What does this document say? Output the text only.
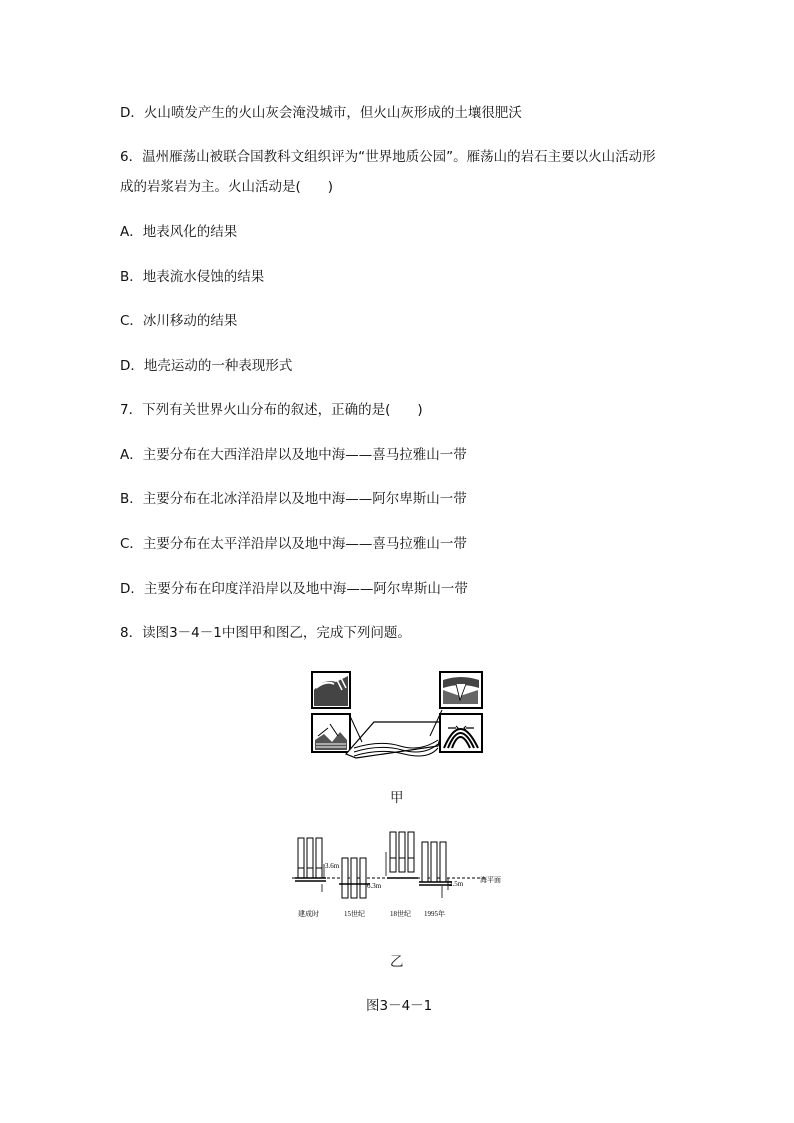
D．火山喷发产生的火山灰会淹没城市，但火山灰形成的土壤很肥沃
6．温州雁荡山被联合国教科文组织评为“世界地质公园”。雁荡山的岩石主要以火山活动形
成的岩浆岩为主。火山活动是(　　)
A．地表风化的结果
B．地表流水侵蚀的结果
C．冰川移动的结果
D．地壳运动的一种表现形式
7．下列有关世界火山分布的叙述，正确的是(　　)
A．主要分布在大西洋沿岸以及地中海——喜马拉雅山一带
B．主要分布在北冰洋沿岸以及地中海——阿尔卑斯山一带
C．主要分布在太平洋沿岸以及地中海——喜马拉雅山一带
D．主要分布在印度洋沿岸以及地中海——阿尔卑斯山一带
8．读图3－4－1中图甲和图乙，完成下列问题。
甲
海平面
3.6m
建成时
6.3m
15世纪	18世纪
2.5m
1995年
乙
图3－4－1
